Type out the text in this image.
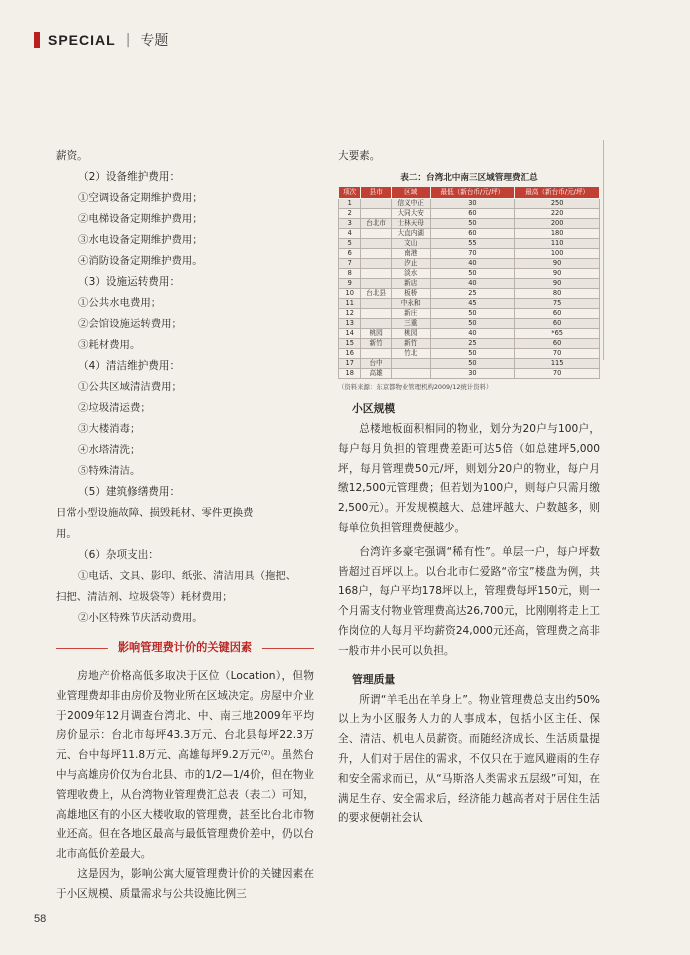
SPECIAL | 专题
薪资。
（2）设备维护费用：
①空调设备定期维护费用；
②电梯设备定期维护费用；
③水电设备定期维护费用；
④消防设备定期维护费用。
（3）设施运转费用：
①公共水电费用；
②会馆设施运转费用；
③耗材费用。
（4）清洁维护费用：
①公共区域清洁费用；
②垃圾清运费；
③大楼消毒；
④水塔清洗；
⑤特殊清洁。
（5）建筑修缮费用：
日常小型设施故障、损毁耗材、零件更换费
用。
（6）杂项支出：
①电话、文具、影印、纸张、清洁用具（拖把、
扫把、清洁剂、垃圾袋等）耗材费用；
②小区特殊节庆活动费用。
影响管理费计价的关键因素

房地产价格高低多取决于区位（Location），但物业管理费却非由房价及物业所在区域决定。房屋中介业于2009年12月调查台湾北、中、南三地2009年平均房价显示：台北市每坪43.3万元、台北县每坪22.3万元、台中每坪11.8万元、高雄每坪9.2万元⁽²⁾。虽然台中与高雄房价仅为台北县、市的1/2—1/4价，但在物业管理收费上，从台湾物业管理费汇总表（表二）可知，高雄地区有的小区大楼收取的管理费，甚至比台北市物业还高。但在各地区最高与最低管理费价差中，仍以台北市高低价差最大。

这是因为，影响公寓大厦管理费计价的关键因素在于小区规模、质量需求与公共设施比例三

大要素。
表二：台湾北中南三区域管理费汇总
项次	县市	区域	最低（新台币/元/坪）	最高（新台币/元/坪）
1		信义中正	30	250
2		大同大安	60	220
3	台北市	士林天母	50	200
4		大直内湖	60	180
5		文山	55	110
6		南港	70	100
7		汐止	40	90
8		淡水	50	90
9		新店	40	90
10	台北县	板桥	25	80
11		中永和	45	75
12		新庄	50	60
13		三重	50	60
14	桃园	桃园	40	*65
15	新竹	新竹	25	60
16		竹北	50	70
17	台中		50	115
18	高雄		30	70
（资料来源：东京都物业管理机构2009/12统计资料）
小区规模

总楼地板面积相同的物业，划分为20户与100户，每户每月负担的管理费差距可达5倍（如总建坪5,000坪，每月管理费50元/坪，则划分20户的物业，每户月缴12,500元管理费；但若划为100户，则每户只需月缴2,500元）。开发规模越大、总建坪越大、户数越多，则每单位负担管理费便越少。

台湾许多豪宅强调“稀有性”。单层一户，每户坪数皆超过百坪以上。以台北市仁爱路“帝宝”楼盘为例，共168户，每户平均178坪以上，管理费每坪150元，则一个月需支付物业管理费高达26,700元，比刚刚将走上工作岗位的人每月平均薪资24,000元还高，管理费之高非一般市井小民可以负担。

管理质量

所谓“羊毛出在羊身上”。物业管理费总支出约50%以上为小区服务人力的人事成本，包括小区主任、保全、清洁、机电人员薪资。而随经济成长、生活质量提升，人们对于居住的需求，不仅只在于遮风避雨的生存和安全需求而已，从“马斯洛人类需求五层级”可知，在满足生存、安全需求后，经济能力越高者对于居住生活的要求便朝社会认

58
